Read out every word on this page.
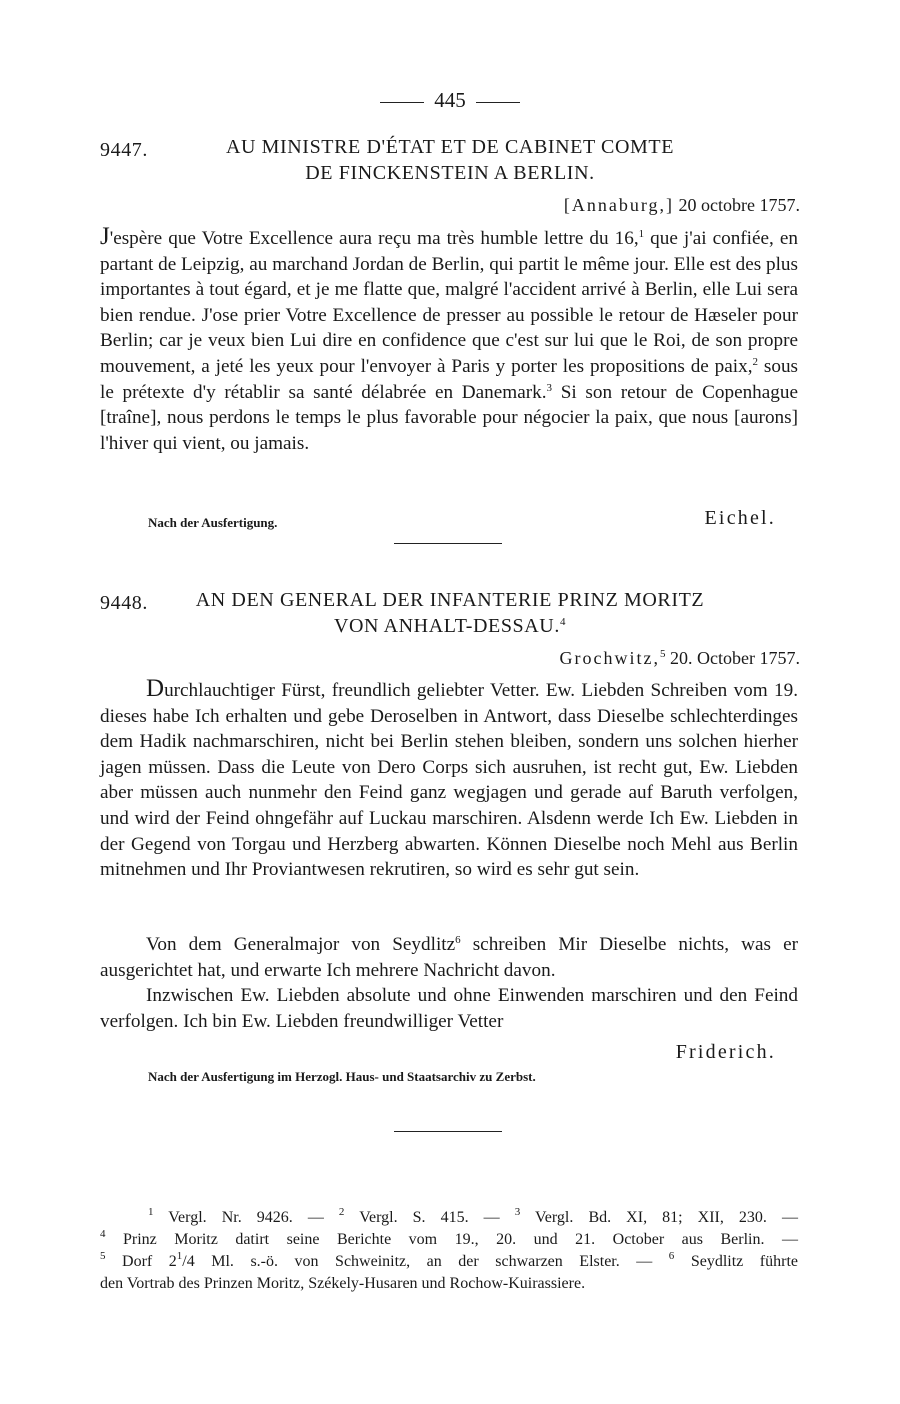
445
9447.	AU MINISTRE D'ÉTAT ET DE CABINET COMTE
DE FINCKENSTEIN A BERLIN.
[Annaburg,] 20 octobre 1757.

J'espère que Votre Excellence aura reçu ma très humble lettre du 16,$^1$ que j'ai confiée, en partant de Leipzig, au marchand Jordan de Berlin, qui partit le même jour. Elle est des plus importantes à tout égard, et je me flatte que, malgré l'accident arrivé à Berlin, elle Lui sera bien rendue. J'ose prier Votre Excellence de presser au possible le retour de Hæseler pour Berlin; car je veux bien Lui dire en confidence que c'est sur lui que le Roi, de son propre mouvement, a jeté les yeux pour l'envoyer à Paris y porter les propositions de paix,$^2$ sous le prétexte d'y rétablir sa santé délabrée en Danemark.$^3$ Si son retour de Copenhague [traîne], nous perdons le temps le plus favorable pour négocier la paix, que nous [aurons] l'hiver qui vient, ou jamais.

Nach der Ausfertigung.	Eichel.
9448.	AN DEN GENERAL DER INFANTERIE PRINZ MORITZ
VON ANHALT-DESSAU.$^4$
Grochwitz,$^5$ 20. October 1757.

Durchlauchtiger Fürst, freundlich geliebter Vetter. Ew. Liebden Schreiben vom 19. dieses habe Ich erhalten und gebe Deroselben in Antwort, dass Dieselbe schlechterdinges dem Hadik nachmarschiren, nicht bei Berlin stehen bleiben, sondern uns solchen hierher jagen müssen. Dass die Leute von Dero Corps sich ausruhen, ist recht gut, Ew. Liebden aber müssen auch nunmehr den Feind ganz wegjagen und gerade auf Baruth verfolgen, und wird der Feind ohngefähr auf Luckau marschiren. Alsdenn werde Ich Ew. Liebden in der Gegend von Torgau und Herzberg abwarten. Können Dieselbe noch Mehl aus Berlin mitnehmen und Ihr Proviantwesen rekrutiren, so wird es sehr gut sein.

Von dem Generalmajor von Seydlitz$^6$ schreiben Mir Dieselbe nichts, was er ausgerichtet hat, und erwarte Ich mehrere Nachricht davon.

Inzwischen Ew. Liebden absolute und ohne Einwenden marschiren und den Feind verfolgen. Ich bin Ew. Liebden freundwilliger Vetter

Friderich.
Nach der Ausfertigung im Herzogl. Haus- und Staatsarchiv zu Zerbst.

$^1$ Vergl. Nr. 9426. — $^2$ Vergl. S. 415. — $^3$ Vergl. Bd. XI, 81; XII, 230. —

$^4$ Prinz Moritz datirt seine Berichte vom 19., 20. und 21. October aus Berlin. —

$^5$ Dorf $2^1/4$ Ml. s.-ö. von Schweinitz, an der schwarzen Elster. — $^6$ Seydlitz führte

den Vortrab des Prinzen Moritz, Székely-Husaren und Rochow-Kuirassiere.
